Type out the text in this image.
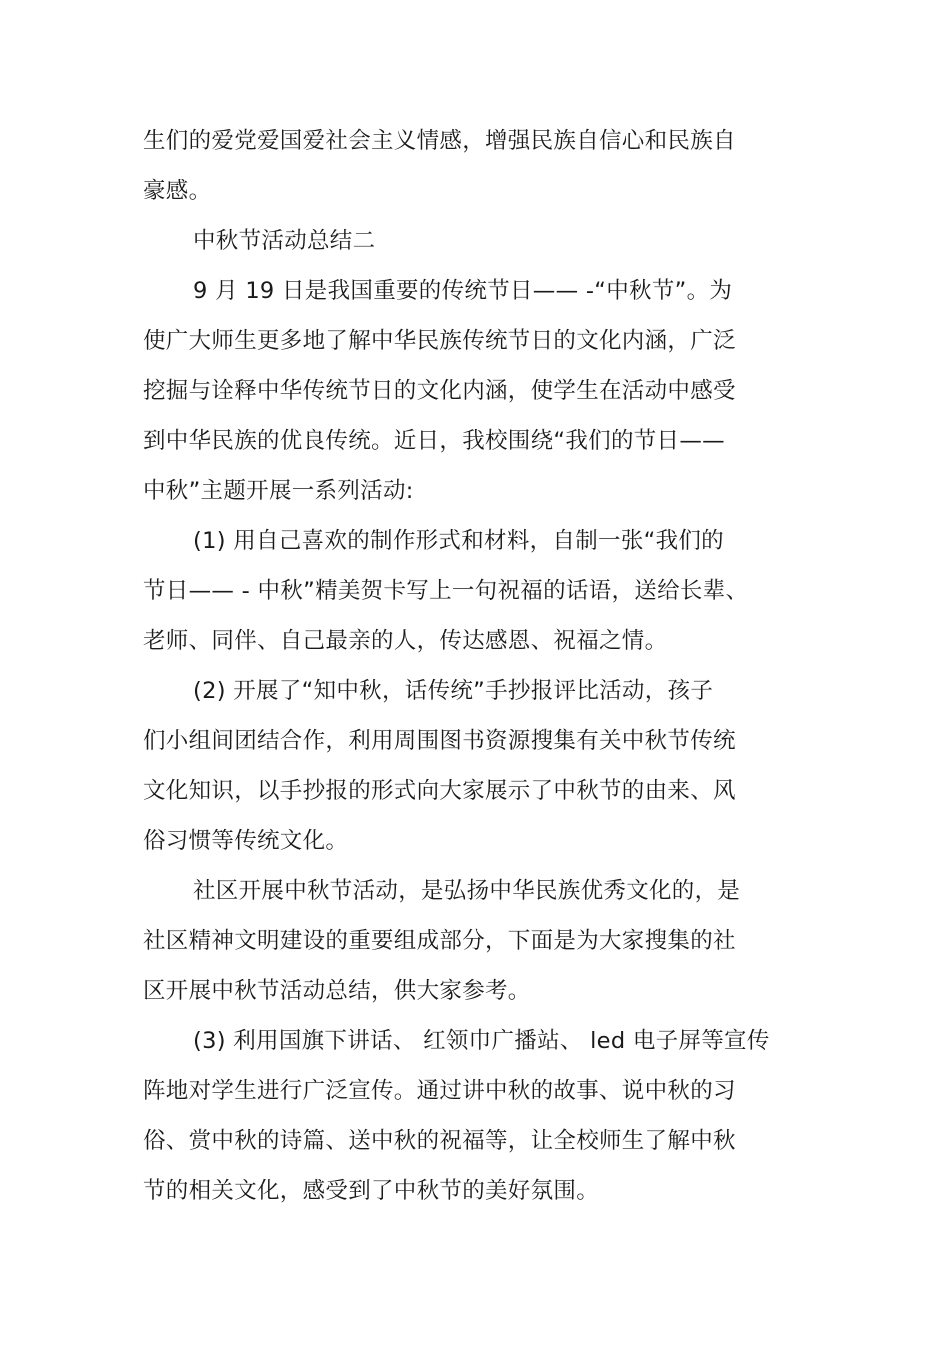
生们的爱党爱国爱社会主义情感，增强民族自信心和民族自
豪感。
中秋节活动总结二
9 月 19 日是我国重要的传统节日—— -“中秋节”。为
使广大师生更多地了解中华民族传统节日的文化内涵，广泛
挖掘与诠释中华传统节日的文化内涵，使学生在活动中感受
到中华民族的优良传统。近日，我校围绕“我们的节日——
中秋”主题开展一系列活动:
(1) 用自己喜欢的制作形式和材料，自制一张“我们的
节日—— - 中秋”精美贺卡写上一句祝福的话语，送给长辈、
老师、同伴、自己最亲的人，传达感恩、祝福之情。
(2) 开展了“知中秋，话传统”手抄报评比活动，孩子
们小组间团结合作，利用周围图书资源搜集有关中秋节传统
文化知识，以手抄报的形式向大家展示了中秋节的由来、风
俗习惯等传统文化。
社区开展中秋节活动，是弘扬中华民族优秀文化的，是
社区精神文明建设的重要组成部分，下面是为大家搜集的社
区开展中秋节活动总结，供大家参考。
(3) 利用国旗下讲话、 红领巾广播站、 led 电子屏等宣传
阵地对学生进行广泛宣传。通过讲中秋的故事、说中秋的习
俗、赏中秋的诗篇、送中秋的祝福等，让全校师生了解中秋
节的相关文化，感受到了中秋节的美好氛围。
